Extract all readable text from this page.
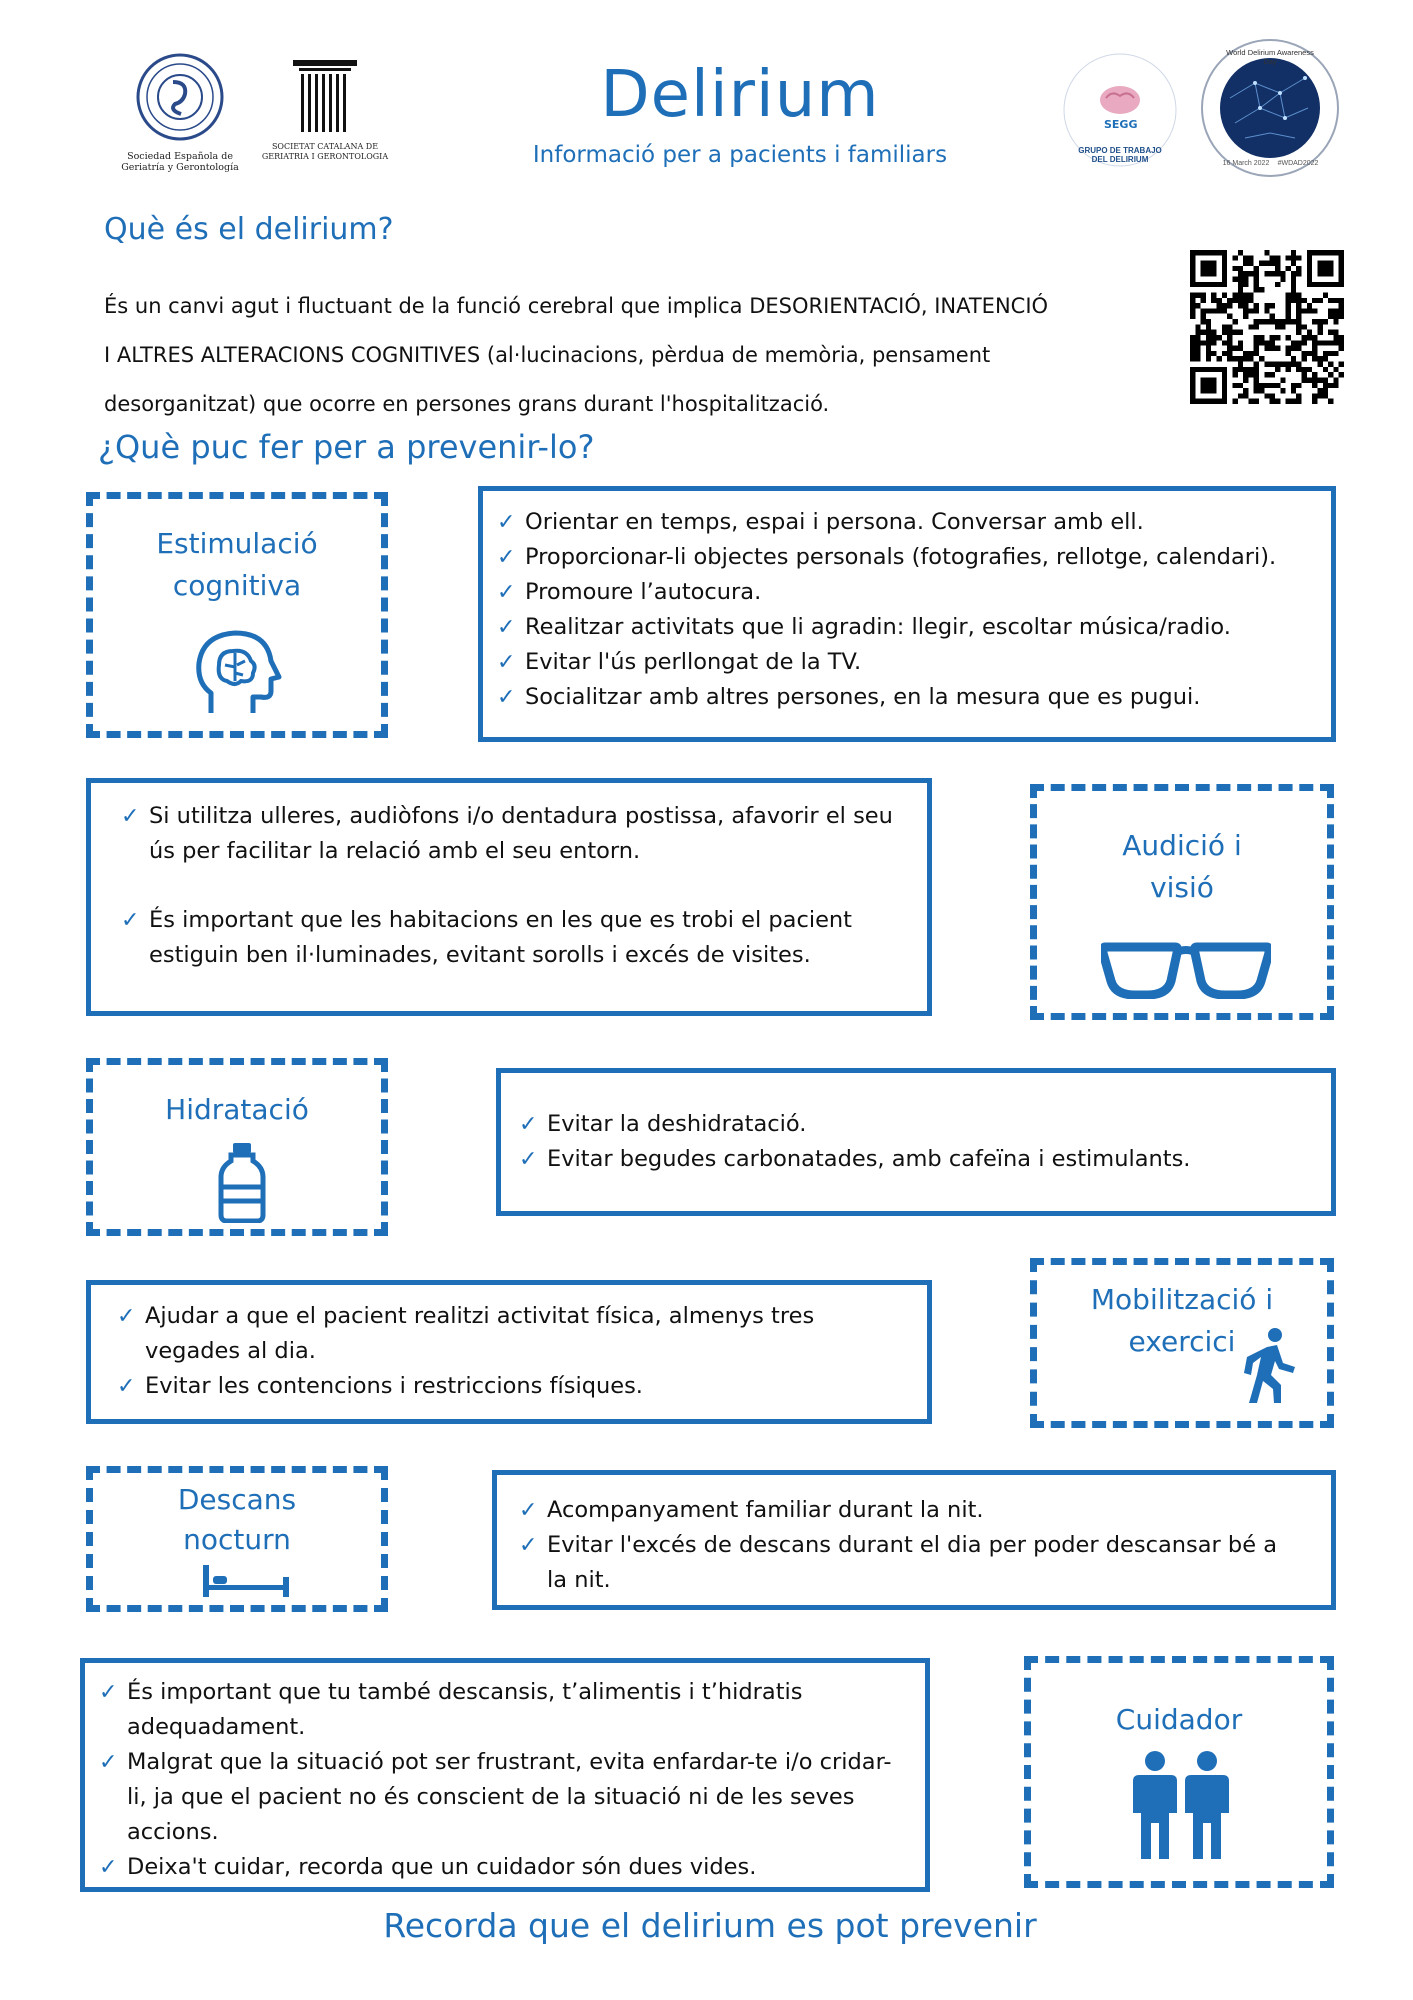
Sociedad Española de Geriatría y Gerontología
SOCIETAT CATALANA DE GERIATRIA I GERONTOLOGIA
Delirium
Informació per a pacients i familiars
SEGG
GRUPO DE TRABAJO DEL DELIRIUM
World Delirium Awareness Day
16 March 2022	#WDAD2022
Què és el delirium?
És un canvi agut i fluctuant de la funció cerebral que implica DESORIENTACIÓ, INATENCIÓ
I ALTRES ALTERACIONS COGNITIVES (al·lucinacions, pèrdua de memòria, pensament
desorganitzat) que ocorre en persones grans durant l'hospitalització.
¿Què puc fer per a prevenir-lo?
Estimulació
cognitiva
✓ Orientar en temps, espai i persona. Conversar amb ell.
✓ Proporcionar-li objectes personals (fotografies, rellotge, calendari).
✓ Promoure l’autocura.
✓ Realitzar activitats que li agradin: llegir, escoltar música/radio.
✓ Evitar l'ús perllongat de la TV.
✓ Socialitzar amb altres persones, en la mesura que es pugui.
✓ Si utilitza ulleres, audiòfons i/o dentadura postissa, afavorir el seu ús per facilitar la relació amb el seu entorn.
✓ És important que les habitacions en les que es trobi el pacient estiguin ben il·luminades, evitant sorolls i excés de visites.
Audició i
visió
Hidratació
✓	Evitar la deshidratació.
✓ Evitar begudes carbonatades, amb cafeïna i estimulants.
✓ Ajudar a que el pacient realitzi activitat física, almenys tres vegades al dia.
✓ Evitar les contencions i restriccions físiques.
Mobilització i
exercici
Descans
nocturn
✓ Acompanyament familiar durant la nit.
✓ Evitar l'excés de descans durant el dia per poder descansar bé a la nit.
✓ És important que tu també descansis, t’alimentis i t’hidratis adequadament.
✓ Malgrat que la situació pot ser frustrant, evita enfardar-te i/o cridar-li, ja que el pacient no és conscient de la situació ni de les seves accions.
✓ Deixa't cuidar, recorda que un cuidador són dues vides.
Cuidador
Recorda que el delirium es pot prevenir
